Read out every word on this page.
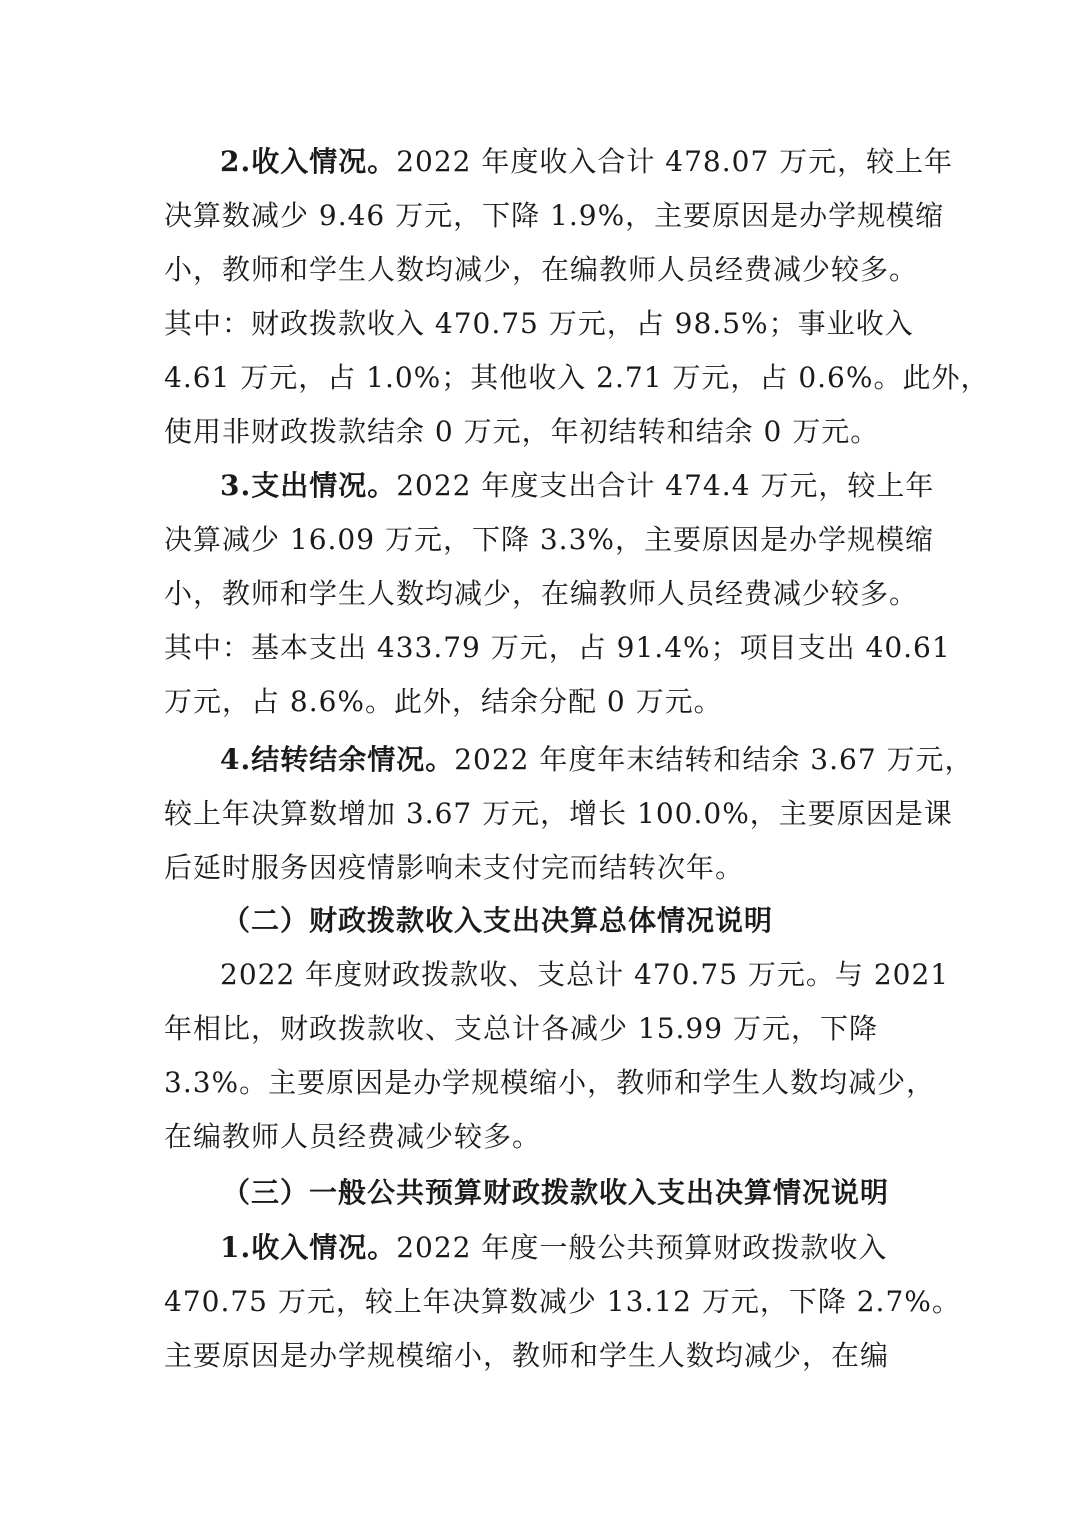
2.收入情况。2022 年度收入合计 478.07 万元，较上年
决算数减少 9.46 万元，下降 1.9%，主要原因是办学规模缩
小，教师和学生人数均减少，在编教师人员经费减少较多。
其中：财政拨款收入 470.75 万元，占 98.5%；事业收入
4.61 万元，占 1.0%；其他收入 2.71 万元，占 0.6%。此外，
使用非财政拨款结余 0 万元，年初结转和结余 0 万元。
3.支出情况。2022 年度支出合计 474.4 万元，较上年
决算减少 16.09 万元，下降 3.3%，主要原因是办学规模缩
小，教师和学生人数均减少，在编教师人员经费减少较多。
其中：基本支出 433.79 万元，占 91.4%；项目支出 40.61
万元，占 8.6%。此外，结余分配 0 万元。
4.结转结余情况。2022 年度年末结转和结余 3.67 万元，
较上年决算数增加 3.67 万元，增长 100.0%，主要原因是课
后延时服务因疫情影响未支付完而结转次年。
（二）财政拨款收入支出决算总体情况说明
2022 年度财政拨款收、支总计 470.75 万元。与 2021
年相比，财政拨款收、支总计各减少 15.99 万元，下降
3.3%。主要原因是办学规模缩小，教师和学生人数均减少，
在编教师人员经费减少较多。
（三）一般公共预算财政拨款收入支出决算情况说明
1.收入情况。2022 年度一般公共预算财政拨款收入
470.75 万元，较上年决算数减少 13.12 万元，下降 2.7%。
主要原因是办学规模缩小，教师和学生人数均减少，在编
